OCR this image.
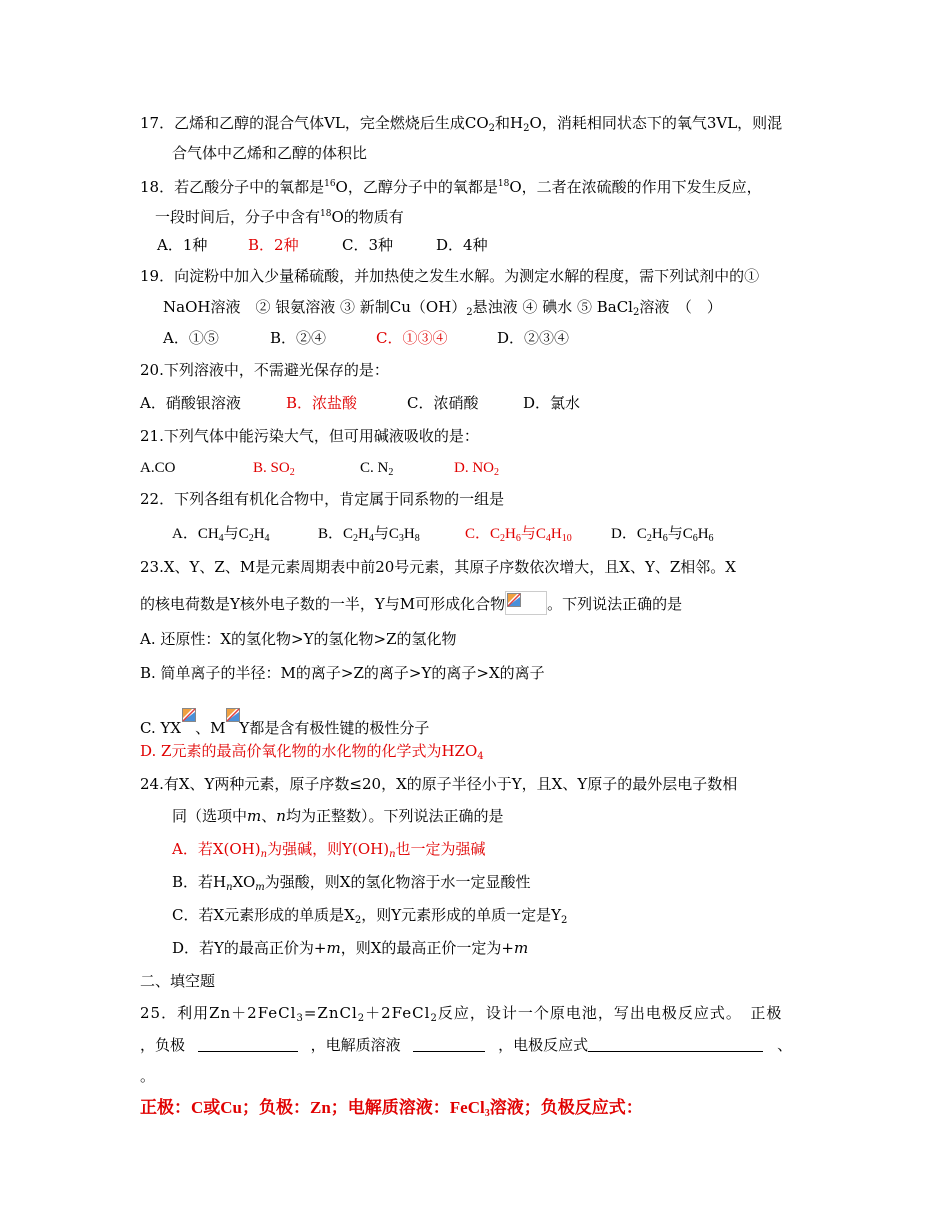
17．乙烯和乙醇的混合气体VL，完全燃烧后生成$CO_2$和$H_2O$，消耗相同状态下的氧气3VL，则混
合气体中乙烯和乙醇的体积比
18．若乙酸分子中的氧都是$^{16}$O，乙醇分子中的氧都是$^{18}$O，二者在浓硫酸的作用下发生反应，
一段时间后，分子中含有$^{18}$O的物质有
A．1种	B．2种	C．3种	D．4种
19．向淀粉中加入少量稀硫酸，并加热使之发生水解。为测定水解的程度，需下列试剂中的①
NaOH溶液　② 银氨溶液 ③ 新制$Cu(OH)_2$悬浊液 ④ 碘水 ⑤ BaCl$_2$溶液　（　）
A．①⑤	B．②④	C．①③④	D．②③④
20.下列溶液中，不需避光保存的是：
A．硝酸银溶液	B．浓盐酸	C．浓硝酸	D．氯水
21.下列气体中能污染大气，但可用碱液吸收的是：
A.CO	B. $SO_2$	C. $N_2$	D. $NO_2$
22．下列各组有机化合物中，肯定属于同系物的一组是
A．$CH_4$与$C_2H_4$	B．$C_2H_4$与$C_3H_8$	C．$C_2H_6$与$C_4H_{10}$	D．$C_2H_6$与$C_6H_6$
23.X、Y、Z、M是元素周期表中前20号元素，其原子序数依次增大，且X、Y、Z相邻。X
的核电荷数是Y核外电子数的一半，Y与M可形成化合物	。下列说法正确的是
A. 还原性：X的氢化物>Y的氢化物>Z的氢化物
B. 简单离子的半径：M的离子>Z的离子>Y的离子>X的离子
C. YX 、M Y都是含有极性键的极性分子
D. Z元素的最高价氧化物的水化物的化学式为$HZO_4$
24.有X、Y两种元素，原子序数≤20，X的原子半径小于Y，且X、Y原子的最外层电子数相
同（选项中m、n均为正整数）。下列说法正确的是
A．若$X(OH)_n$为强碱，则$Y(OH)_n$也一定为强碱
B．若$H_nXO_m$为强酸，则X的氢化物溶于水一定显酸性
C．若X元素形成的单质是$X_2$，则Y元素形成的单质一定是$Y_2$
D．若Y的最高正价为+m，则X的最高正价一定为+m
二、填空题
25．利用Zn＋2FeCl$_3$=ZnCl$_2$＋2FeCl$_2$反应，设计一个原电池，写出电极反应式。　正极
，负极	，电解质溶液	，电极反应式	、
。
正极：C或Cu；负极：Zn；电解质溶液：FeCl$_3$溶液；负极反应式：
